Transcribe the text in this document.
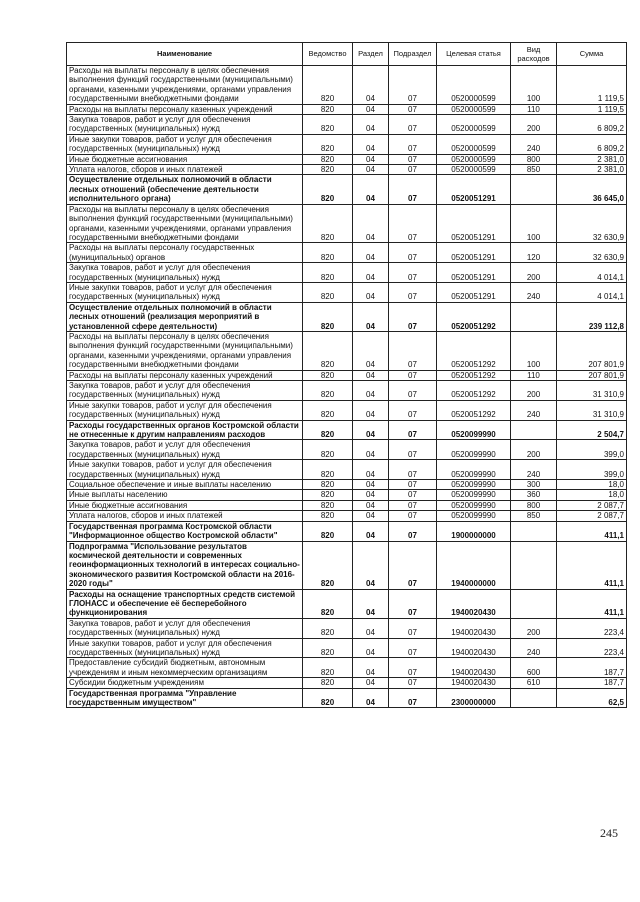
Наименование	Ведомство	Раздел	Подраздел	Целевая статья	Вид расходов	Сумма
Расходы на выплаты персоналу в целях обеспечения выполнения функций государственными (муниципальными) органами, казенными учреждениями, органами управления государственными внебюджетными фондами	820	04	07	0520000599	100	1 119,5
Расходы на выплаты персоналу казенных учреждений	820	04	07	0520000599	110	1 119,5
Закупка товаров, работ и услуг для обеспечения государственных (муниципальных) нужд	820	04	07	0520000599	200	6 809,2
Иные закупки товаров, работ и услуг для обеспечения государственных (муниципальных) нужд	820	04	07	0520000599	240	6 809,2
Иные бюджетные ассигнования	820	04	07	0520000599	800	2 381,0
Уплата налогов, сборов и иных платежей	820	04	07	0520000599	850	2 381,0
Осуществление отдельных полномочий в области лесных отношений (обеспечение деятельности исполнительного органа)	820	04	07	0520051291		36 645,0
Расходы на выплаты персоналу в целях обеспечения выполнения функций государственными (муниципальными) органами, казенными учреждениями, органами управления государственными внебюджетными фондами	820	04	07	0520051291	100	32 630,9
Расходы на выплаты персоналу государственных (муниципальных) органов	820	04	07	0520051291	120	32 630,9
Закупка товаров, работ и услуг для обеспечения государственных (муниципальных) нужд	820	04	07	0520051291	200	4 014,1
Иные закупки товаров, работ и услуг для обеспечения государственных (муниципальных) нужд	820	04	07	0520051291	240	4 014,1
Осуществление отдельных полномочий в области лесных отношений (реализация мероприятий в установленной сфере деятельности)	820	04	07	0520051292		239 112,8
Расходы на выплаты персоналу в целях обеспечения выполнения функций государственными (муниципальными) органами, казенными учреждениями, органами управления государственными внебюджетными фондами	820	04	07	0520051292	100	207 801,9
Расходы на выплаты персоналу казенных учреждений	820	04	07	0520051292	110	207 801,9
Закупка товаров, работ и услуг для обеспечения государственных (муниципальных) нужд	820	04	07	0520051292	200	31 310,9
Иные закупки товаров, работ и услуг для обеспечения государственных (муниципальных) нужд	820	04	07	0520051292	240	31 310,9
Расходы государственных органов Костромской области не отнесенные к другим направлениям расходов	820	04	07	0520099990		2 504,7
Закупка товаров, работ и услуг для обеспечения государственных (муниципальных) нужд	820	04	07	0520099990	200	399,0
Иные закупки товаров, работ и услуг для обеспечения государственных (муниципальных) нужд	820	04	07	0520099990	240	399,0
Социальное обеспечение и иные выплаты населению	820	04	07	0520099990	300	18,0
Иные выплаты населению	820	04	07	0520099990	360	18,0
Иные бюджетные ассигнования	820	04	07	0520099990	800	2 087,7
Уплата налогов, сборов и иных платежей	820	04	07	0520099990	850	2 087,7
Государственная программа Костромской области "Информационное общество Костромской области"	820	04	07	1900000000		411,1
Подпрограмма "Использование результатов космической деятельности и современных геоинформационных технологий в интересах социально-экономического развития Костромской области на 2016-2020 годы"	820	04	07	1940000000		411,1
Расходы на оснащение транспортных средств системой ГЛОНАСС и обеспечение её бесперебойного функционирования	820	04	07	1940020430		411,1
Закупка товаров, работ и услуг для обеспечения государственных (муниципальных) нужд	820	04	07	1940020430	200	223,4
Иные закупки товаров, работ и услуг для обеспечения государственных (муниципальных) нужд	820	04	07	1940020430	240	223,4
Предоставление субсидий бюджетным, автономным учреждениям и иным некоммерческим организациям	820	04	07	1940020430	600	187,7
Субсидии бюджетным учреждениям	820	04	07	1940020430	610	187,7
Государственная программа "Управление государственным имуществом"	820	04	07	2300000000		62,5
245
